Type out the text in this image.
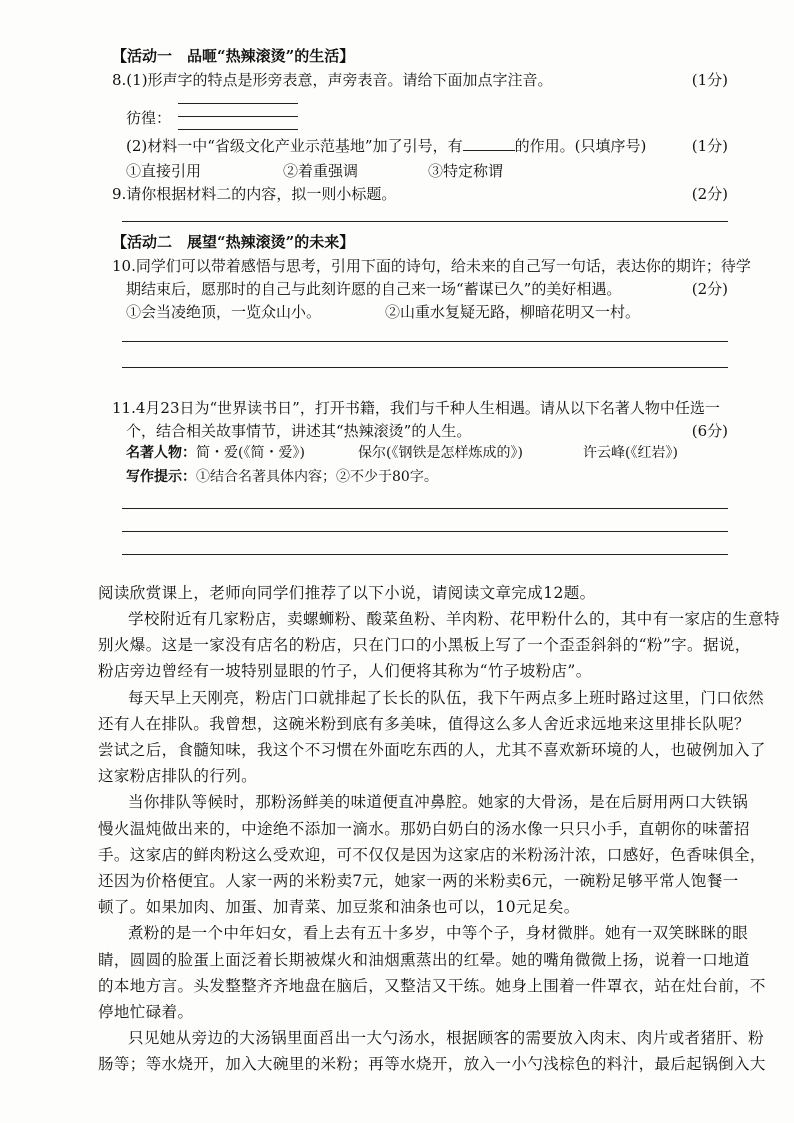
【活动一　品咂“热辣滚烫”的生活】
8.(1)形声字的特点是形旁表意，声旁表音。请给下面加点字注音。	(1分)
彷徨：
(2)材料一中“省级文化产业示范基地”加了引号，有	的作用。(只填序号)	(1分)
①直接引用	②着重强调	③特定称谓
9.请你根据材料二的内容，拟一则小标题。	(2分)
【活动二　展望“热辣滚烫”的未来】
10.同学们可以带着感悟与思考，引用下面的诗句，给未来的自己写一句话，表达你的期许；待学
期结束后，愿那时的自己与此刻许愿的自己来一场“蓄谋已久”的美好相遇。	(2分)
①会当凌绝顶，一览众山小。	②山重水复疑无路，柳暗花明又一村。
11.4月23日为“世界读书日”，打开书籍，我们与千种人生相遇。请从以下名著人物中任选一
个，结合相关故事情节，讲述其“热辣滚烫”的人生。	(6分)
名著人物：简・爱(《简・爱》)	保尔(《钢铁是怎样炼成的》)	许云峰(《红岩》)
写作提示：①结合名著具体内容；②不少于80字。
阅读欣赏课上，老师向同学们推荐了以下小说，请阅读文章完成12题。
学校附近有几家粉店，卖螺蛳粉、酸菜鱼粉、羊肉粉、花甲粉什么的，其中有一家店的生意特
别火爆。这是一家没有店名的粉店，只在门口的小黑板上写了一个歪歪斜斜的“粉”字。据说，
粉店旁边曾经有一坡特别显眼的竹子，人们便将其称为“竹子坡粉店”。
每天早上天刚亮，粉店门口就排起了长长的队伍，我下午两点多上班时路过这里，门口依然
还有人在排队。我曾想，这碗米粉到底有多美味，值得这么多人舍近求远地来这里排长队呢？
尝试之后，食髓知味，我这个不习惯在外面吃东西的人，尤其不喜欢新环境的人，也破例加入了
这家粉店排队的行列。
当你排队等候时，那粉汤鲜美的味道便直冲鼻腔。她家的大骨汤，是在后厨用两口大铁锅
慢火温炖做出来的，中途绝不添加一滴水。那奶白奶白的汤水像一只只小手，直朝你的味蕾招
手。这家店的鲜肉粉这么受欢迎，可不仅仅是因为这家店的米粉汤汁浓，口感好，色香味俱全，
还因为价格便宜。人家一两的米粉卖7元，她家一两的米粉卖6元，一碗粉足够平常人饱餐一
顿了。如果加肉、加蛋、加青菜、加豆浆和油条也可以，10元足矣。
煮粉的是一个中年妇女，看上去有五十多岁，中等个子，身材微胖。她有一双笑眯眯的眼
睛，圆圆的脸蛋上面泛着长期被煤火和油烟熏蒸出的红晕。她的嘴角微微上扬，说着一口地道
的本地方言。头发整整齐齐地盘在脑后，又整洁又干练。她身上围着一件罩衣，站在灶台前，不
停地忙碌着。
只见她从旁边的大汤锅里面舀出一大勺汤水，根据顾客的需要放入肉末、肉片或者猪肝、粉
肠等；等水烧开，加入大碗里的米粉；再等水烧开，放入一小勺浅棕色的料汁，最后起锅倒入大
